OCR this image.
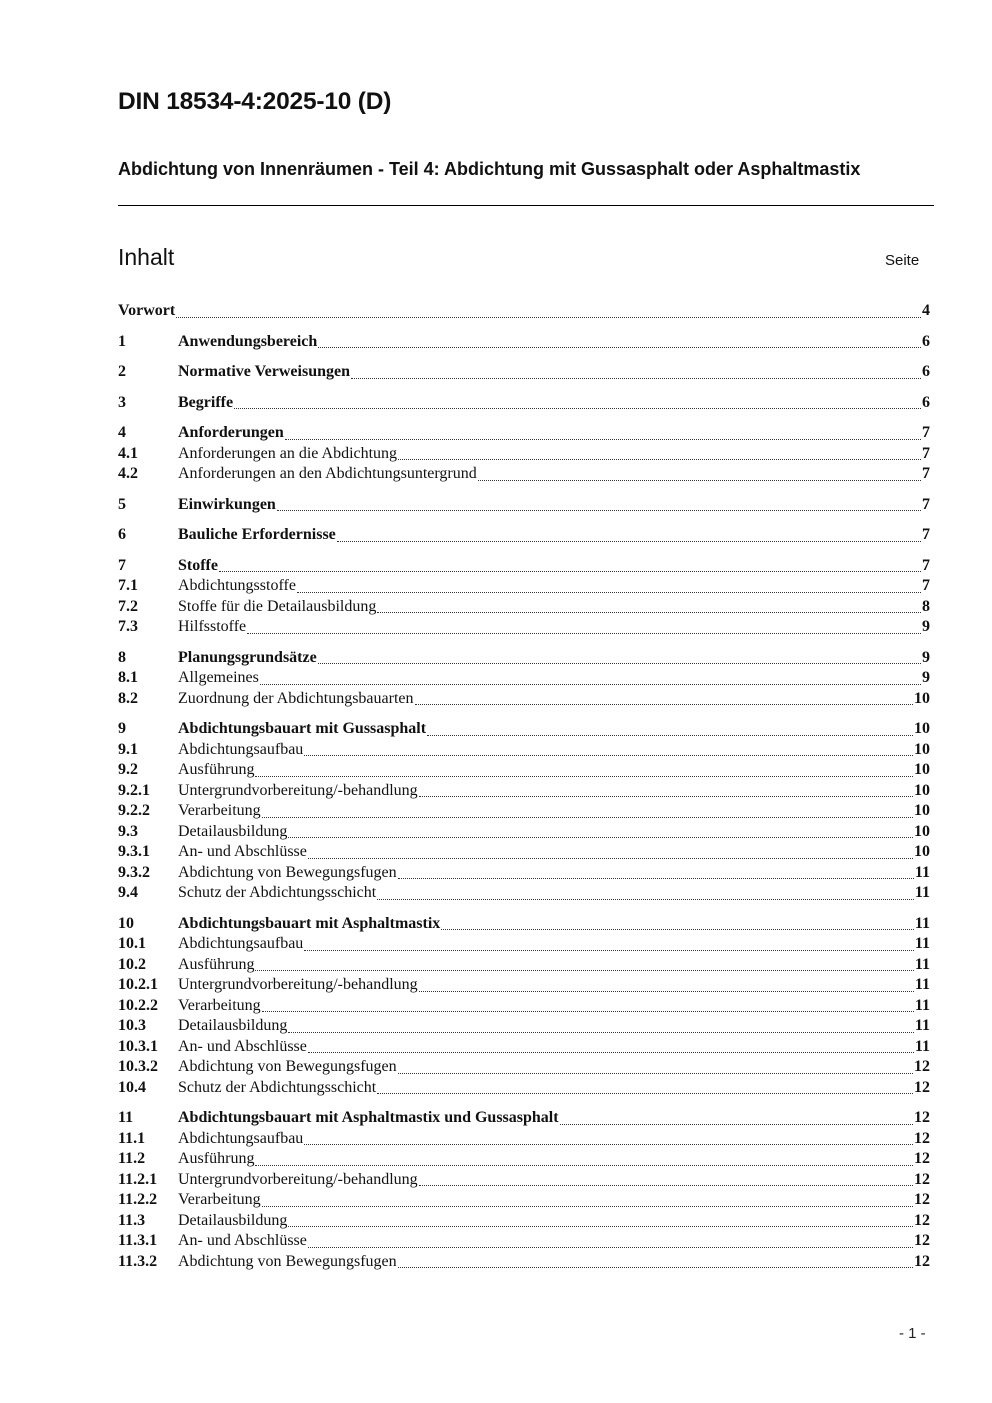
DIN 18534-4:2025-10 (D)
Abdichtung von Innenräumen - Teil 4: Abdichtung mit Gussasphalt oder Asphaltmastix
Inhalt	Seite
Vorwort	4
1	Anwendungsbereich	6
2	Normative Verweisungen	6
3	Begriffe	6
4	Anforderungen	7
4.1	Anforderungen an die Abdichtung	7
4.2	Anforderungen an den Abdichtungsuntergrund	7
5	Einwirkungen	7
6	Bauliche Erfordernisse	7
7	Stoffe	7
7.1	Abdichtungsstoffe	7
7.2	Stoffe für die Detailausbildung	8
7.3	Hilfsstoffe	9
8	Planungsgrundsätze	9
8.1	Allgemeines	9
8.2	Zuordnung der Abdichtungsbauarten	10
9	Abdichtungsbauart mit Gussasphalt	10
9.1	Abdichtungsaufbau	10
9.2	Ausführung	10
9.2.1 Untergrundvorbereitung/-behandlung	10
9.2.2 Verarbeitung	10
9.3	Detailausbildung	10
9.3.1 An- und Abschlüsse	10
9.3.2 Abdichtung von Bewegungsfugen	11
9.4	Schutz der Abdichtungsschicht	11
10	Abdichtungsbauart mit Asphaltmastix	11
10.1 Abdichtungsaufbau	11
10.2 Ausführung	11
10.2.1 Untergrundvorbereitung/-behandlung	11
10.2.2 Verarbeitung	11
10.3 Detailausbildung	11
10.3.1 An- und Abschlüsse	11
10.3.2 Abdichtung von Bewegungsfugen	12
10.4 Schutz der Abdichtungsschicht	12
11	Abdichtungsbauart mit Asphaltmastix und Gussasphalt	12
11.1 Abdichtungsaufbau	12
11.2 Ausführung	12
11.2.1 Untergrundvorbereitung/-behandlung	12
11.2.2 Verarbeitung	12
11.3 Detailausbildung	12
11.3.1 An- und Abschlüsse	12
11.3.2 Abdichtung von Bewegungsfugen	12
- 1 -
